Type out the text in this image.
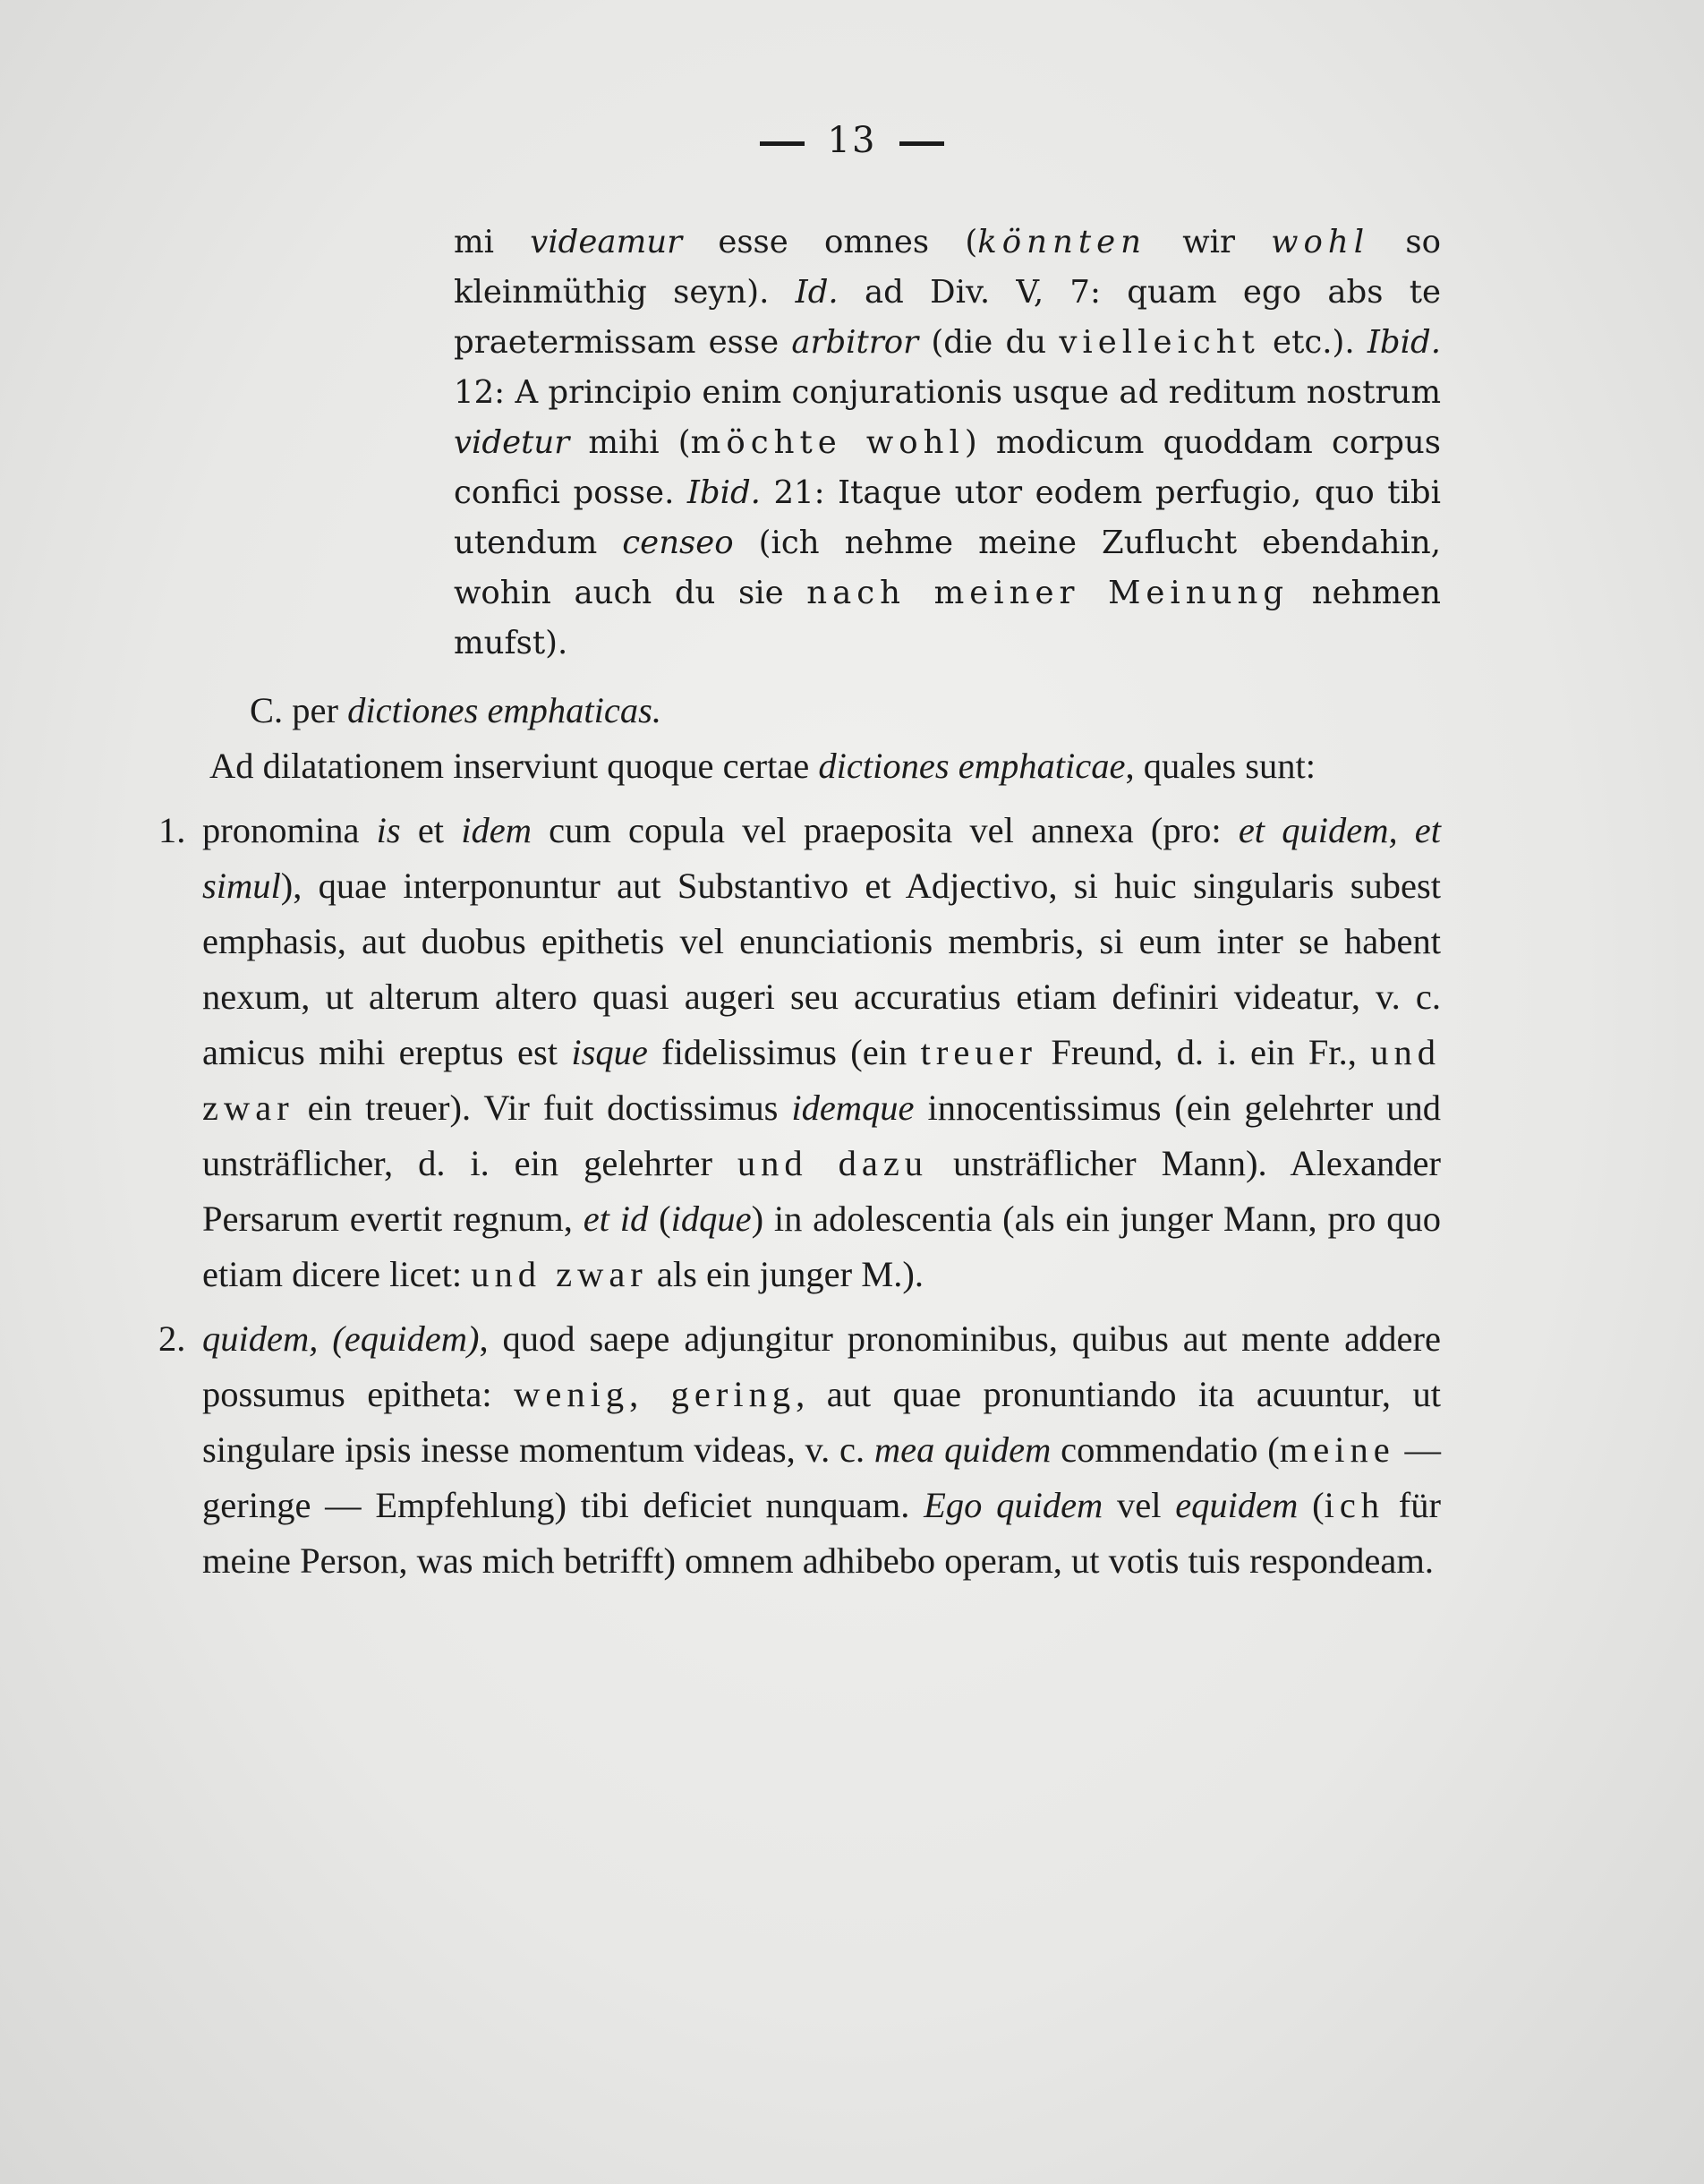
13
mi videamur esse omnes (könnten wir wohl so kleinmüthig seyn). Id. ad Div. V, 7: quam ego abs te praetermissam esse arbitror (die du vielleicht etc.). Ibid. 12: A principio enim conjurationis usque ad reditum nostrum videtur mihi (möchte wohl) modicum quoddam corpus confici posse. Ibid. 21: Itaque utor eodem perfugio, quo tibi utendum censeo (ich nehme meine Zuflucht ebendahin, wohin auch du sie nach meiner Meinung nehmen mufst).

C. per dictiones emphaticas.

Ad dilatationem inserviunt quoque certae dictiones emphaticae, quales sunt:

1. pronomina is et idem cum copula vel praeposita vel annexa (pro: et quidem, et simul), quae interponuntur aut Substantivo et Adjectivo, si huic singularis subest emphasis, aut duobus epithetis vel enunciationis membris, si eum inter se habent nexum, ut alterum altero quasi augeri seu accuratius etiam definiri videatur, v. c. amicus mihi ereptus est isque fidelissimus (ein treuer Freund, d. i. ein Fr., und zwar ein treuer). Vir fuit doctissimus idemque innocentissimus (ein gelehrter und unsträflicher, d. i. ein gelehrter und dazu unsträflicher Mann). Alexander Persarum evertit regnum, et id (idque) in adolescentia (als ein junger Mann, pro quo etiam dicere licet: und zwar als ein junger M.).
2. quidem, (equidem), quod saepe adjungitur pronominibus, quibus aut mente addere possumus epitheta: wenig, gering, aut quae pronuntiando ita acuuntur, ut singulare ipsis inesse momentum videas, v. c. mea quidem commendatio (meine — geringe — Empfehlung) tibi deficiet nunquam. Ego quidem vel equidem (ich für meine Person, was mich betrifft) omnem adhibebo operam, ut votis tuis respondeam.
